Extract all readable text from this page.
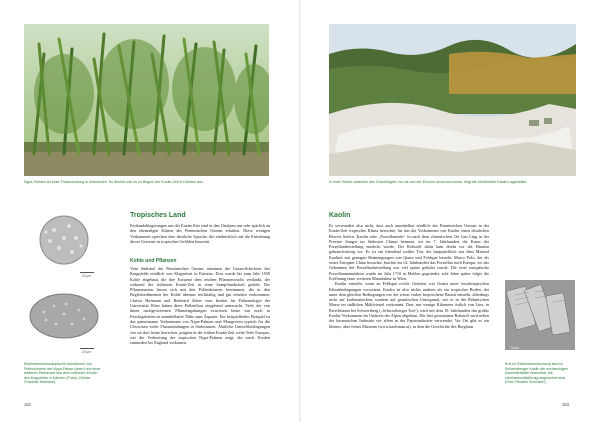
Nypa-Palmen an einer Flussmündung in Indonesien: So ähnlich sah es zu Beginn der Eozän-Zeit in Kärnten aus.
20 µm
20 µm
Elektronenmikroskopische Aufnahmen von Pollenkörnern der Nypa-Palme (oben) und einer weiteren Palmenart aus dem untersten Eozän des Krappfelds in Kärnten (Fotos: Christa-Charlotte Hofmann).
Tropisches Land

Festlandablagerungen aus der Eozän-Zeit sind in den Ostalpen nur sehr spärlich an den ehemaligen Küsten des Penninischen Ozeans erhalten. Diese wenigen Vorkommen sprechen eine deutliche Sprache, die eindrücklich auf die Entstehung dieser Gesteine in tropischen Gefilden hinweist.

Kohle und Pflanzen

Vom Südrand des Penninischen Ozeans stammen die Gosau-Schichten des Krappfelds nördlich von Klagenfurt in Kärnten. Dort wurde bis zum Jahr 1939 Kohle abgebaut, die ihre Existenz dem reichen Pflanzenwuchs verdankt, der während der frühesten Eozän-Zeit in einer Sumpflandschaft gedieh. Die Pflanzenarten lassen sich mit den Pollenkörnern bestimmen, die in den Begleitsedimenten der Kohle überaus reichhaltig und gut erhalten vorkommen. Christa Hofmann und Reinhard Zetter vom Institut für Paläontologie der Universität Wien haben diese Pollenflora eingehend untersucht. Viele der von ihnen nachgewiesenen Pflanzengattungen existieren heute nur noch in Feuchtgebieten in unmittelbarer Nähe zum Äquator. Ein beispielhaftes Beispiel ist das gemeinsame Vorkommen von Nypa-Palmen und Mangroven typisch für die Uferzonen vieler Flussmündungen in Südostasien. Ähnliche Umweltbedingungen wie sie dort heute herrschen, prägten in der frühen Eozän-Zeit weite Teile Europas, wie die Verbreitung der tropischen Nypa-Palmen zeigt, die rasch Norden zumindest bis England vorkamen.

152
In einer Senke zwischen den Granithügeln, wo sie von der Erosion verschont wurde, liegt die Mühlviertler Kaolin-Lagerstätte.
Kaolin

Es verwundert also nicht, dass auch unmittelbar nördlich des Penninischen Ozeans in der Eozän-Zeit tropisches Klima herrschte, für das die Vorkommen von Kaolin einen deutlichen Beweis liefern. Kaolin oder „Porzellanerde“ ist nach dem chinesischen Ort Gao Ling in der Provinz Jiangxi im Südosten Chinas benannt, wo im 7. Jahrhundert die Kunst der Porzellanherstellung entdeckt wurde. Der Rohstoff dafür kam direkt vor der Haustür gebrauchsfertig vor. Es ist ein blendend weißer Ton, der hauptsächlich aus dem Mineral Kaolinit mit geringen Beimengungen von Quarz und Feldspat besteht. Marco Polo, der als erster Europäer China besuchte, brachte im 14. Jahrhundert das Porzellan nach Europa, wo das Geheimnis der Porzellanherstellung erst viel später gelüftet wurde. Die erste europäische Porzellanmanufaktur wurde im Jahr 1710 in Meißen gegründet, acht Jahre später folgte die Eröffnung einer weiteren Manufaktur in Wien.

Kaolin entsteht, wenn an Feldspat reiche Gesteine wie Granit unter feuchttropischen Klimabedingungen verwittern. Kaolin ist also nichts anderes als ein tropischer Boden, der unter dem gleichen Bedingungen wie der schon vorher besprochene Bauxit entsteht, allerdings nicht auf karbonatischen, sondern auf granitischen Untergrund, wie er in der Böhmischen Masse im südlichen Mühlviertel vorkommt. Dort, nur wenige Kilometer östlich von Linz, in Kriechbaum bei Schwertberg („Schwertberger Ton“), wird seit dem 19. Jahrhundert das größte Kaolin-Vorkommen im Umkreis der Alpen abgebaut. Der hier gewonnene Rohstoff wird neben der keramischen Industrie vor allem in der Papierindustrie verwendet. Vor Ort gibt es ein kleines, aber feines Museum (www.kaolinum.at), in dem die Geschichte des Bergbaus

10 µm
Erst im Elektronenmikroskop sind im Schwertberger Kaolin die sechseckigen Kaolinitkristalle erkennbar, die ziehharmonikaförmig angeordnet sind (Foto: Reuben Sorensen).
153
